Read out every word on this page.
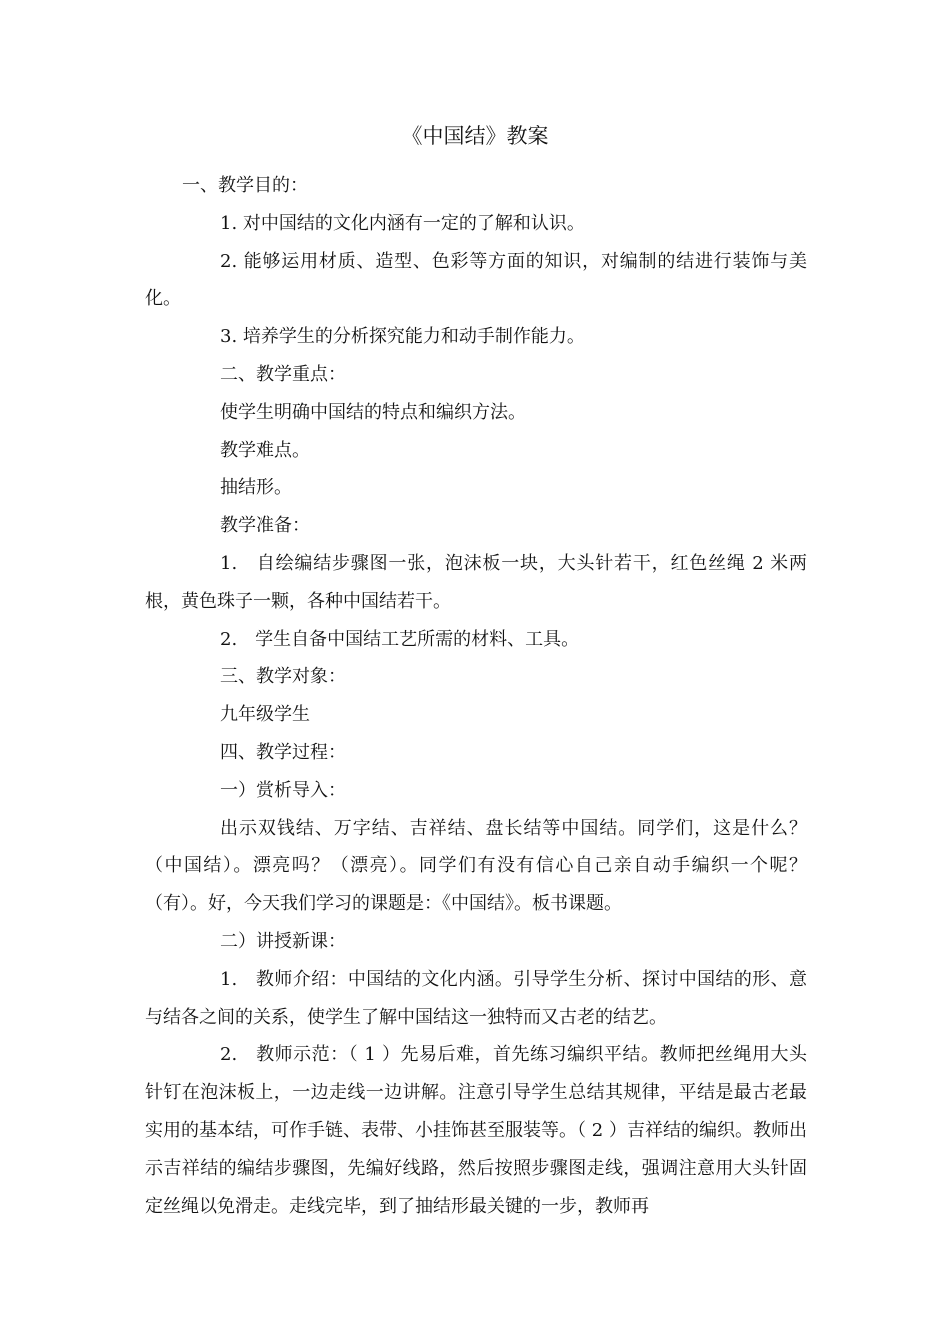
《中国结》教案

一、教学目的：

1. 对中国结的文化内涵有一定的了解和认识。

2. 能够运用材质、造型、色彩等方面的知识，对编制的结进行装饰与美化。

3. 培养学生的分析探究能力和动手制作能力。

二、教学重点：

使学生明确中国结的特点和编织方法。

教学难点。

抽结形。

教学准备：

1.　自绘编结步骤图一张，泡沫板一块，大头针若干，红色丝绳 2 米两根，黄色珠子一颗，各种中国结若干。

2.　学生自备中国结工艺所需的材料、工具。

三、教学对象：

九年级学生

四、教学过程：

一）赏析导入：

出示双钱结、万字结、吉祥结、盘长结等中国结。同学们，这是什么？（中国结）。漂亮吗？（漂亮）。同学们有没有信心自己亲自动手编织一个呢？（有）。好，今天我们学习的课题是：《中国结》。板书课题。

二）讲授新课：

1.　教师介绍：中国结的文化内涵。引导学生分析、探讨中国结的形、意与结各之间的关系，使学生了解中国结这一独特而又古老的结艺。

2.　教师示范：（ 1 ）先易后难，首先练习编织平结。教师把丝绳用大头针钉在泡沫板上，一边走线一边讲解。注意引导学生总结其规律，平结是最古老最实用的基本结，可作手链、表带、小挂饰甚至服装等。（ 2 ）吉祥结的编织。教师出示吉祥结的编结步骤图，先编好线路，然后按照步骤图走线，强调注意用大头针固定丝绳以免滑走。走线完毕，到了抽结形最关键的一步，教师再
